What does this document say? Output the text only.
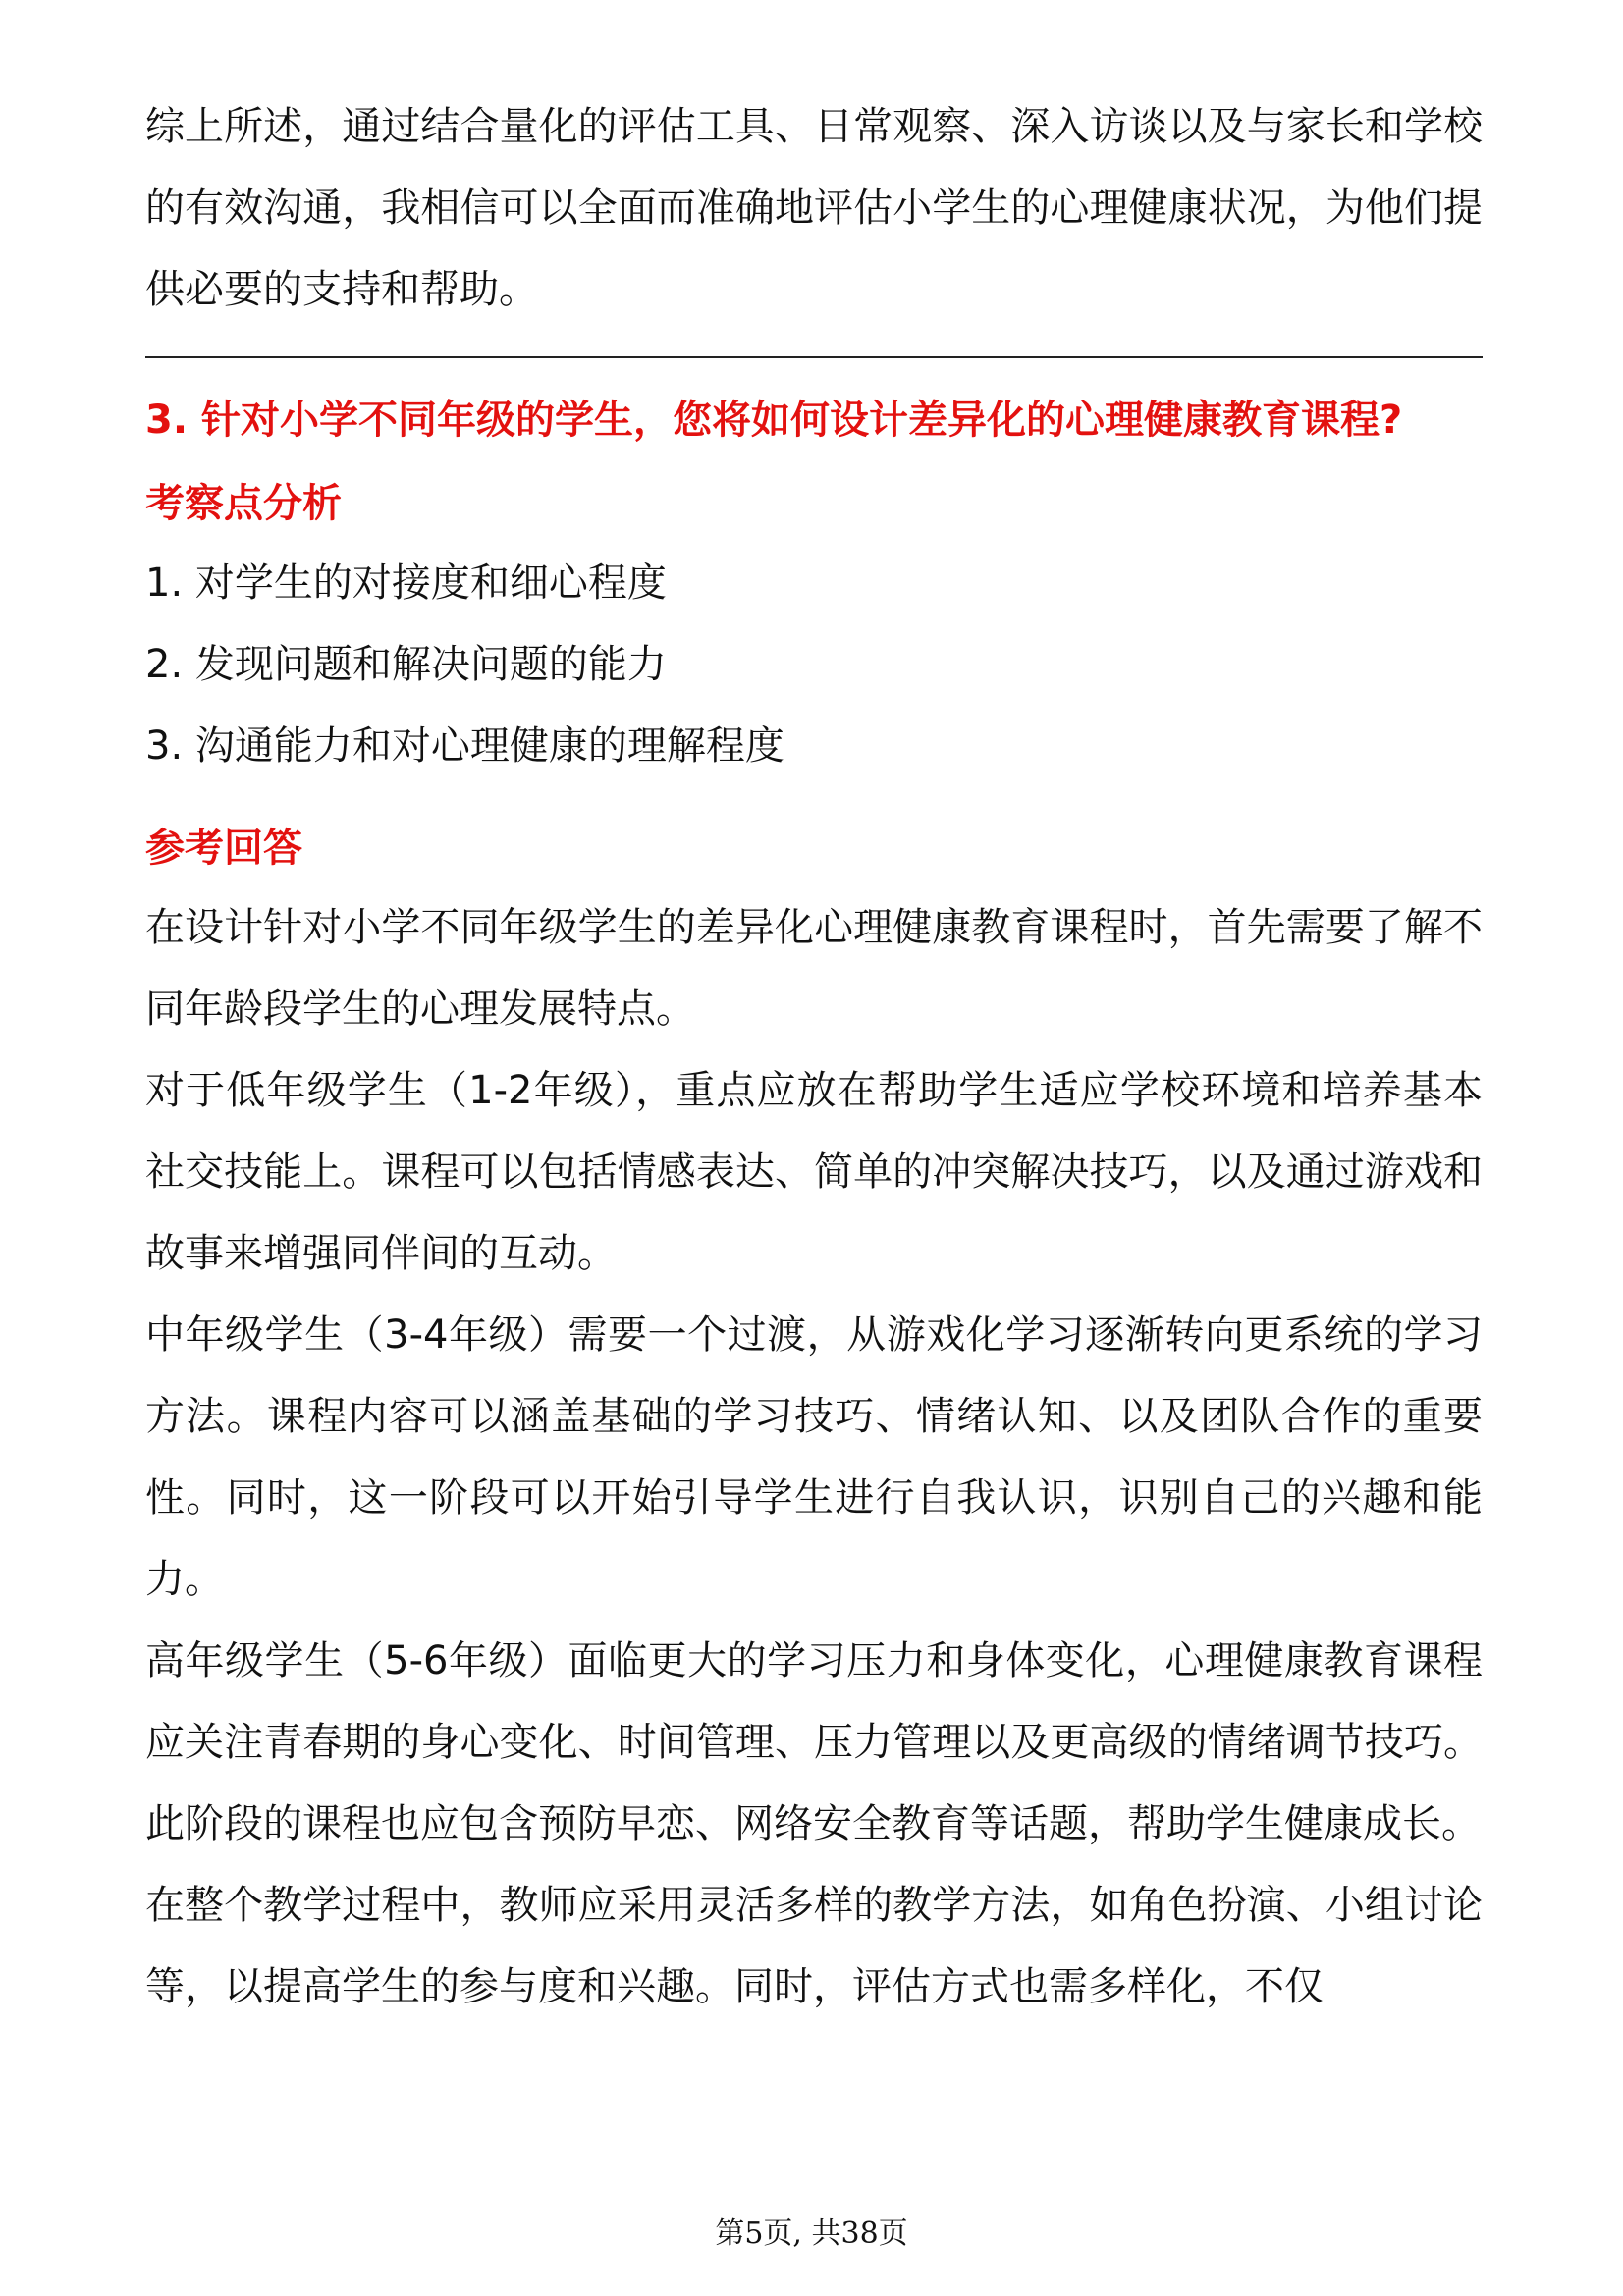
综上所述，通过结合量化的评估工具、日常观察、深入访谈以及与家长和学校的有效沟通，我相信可以全面而准确地评估小学生的心理健康状况，为他们提供必要的支持和帮助。

3. 针对小学不同年级的学生，您将如何设计差异化的心理健康教育课程?

考察点分析

1. 对学生的对接度和细心程度

2. 发现问题和解决问题的能力

3. 沟通能力和对心理健康的理解程度

参考回答

在设计针对小学不同年级学生的差异化心理健康教育课程时，首先需要了解不同年龄段学生的心理发展特点。

对于低年级学生（1-2年级），重点应放在帮助学生适应学校环境和培养基本社交技能上。课程可以包括情感表达、简单的冲突解决技巧，以及通过游戏和故事来增强同伴间的互动。

中年级学生（3-4年级）需要一个过渡，从游戏化学习逐渐转向更系统的学习方法。课程内容可以涵盖基础的学习技巧、情绪认知、以及团队合作的重要性。同时，这一阶段可以开始引导学生进行自我认识，识别自己的兴趣和能力。

高年级学生（5-6年级）面临更大的学习压力和身体变化，心理健康教育课程应关注青春期的身心变化、时间管理、压力管理以及更高级的情绪调节技巧。此阶段的课程也应包含预防早恋、网络安全教育等话题，帮助学生健康成长。

在整个教学过程中，教师应采用灵活多样的教学方法，如角色扮演、小组讨论等，以提高学生的参与度和兴趣。同时，评估方式也需多样化，不仅

第5页, 共38页
